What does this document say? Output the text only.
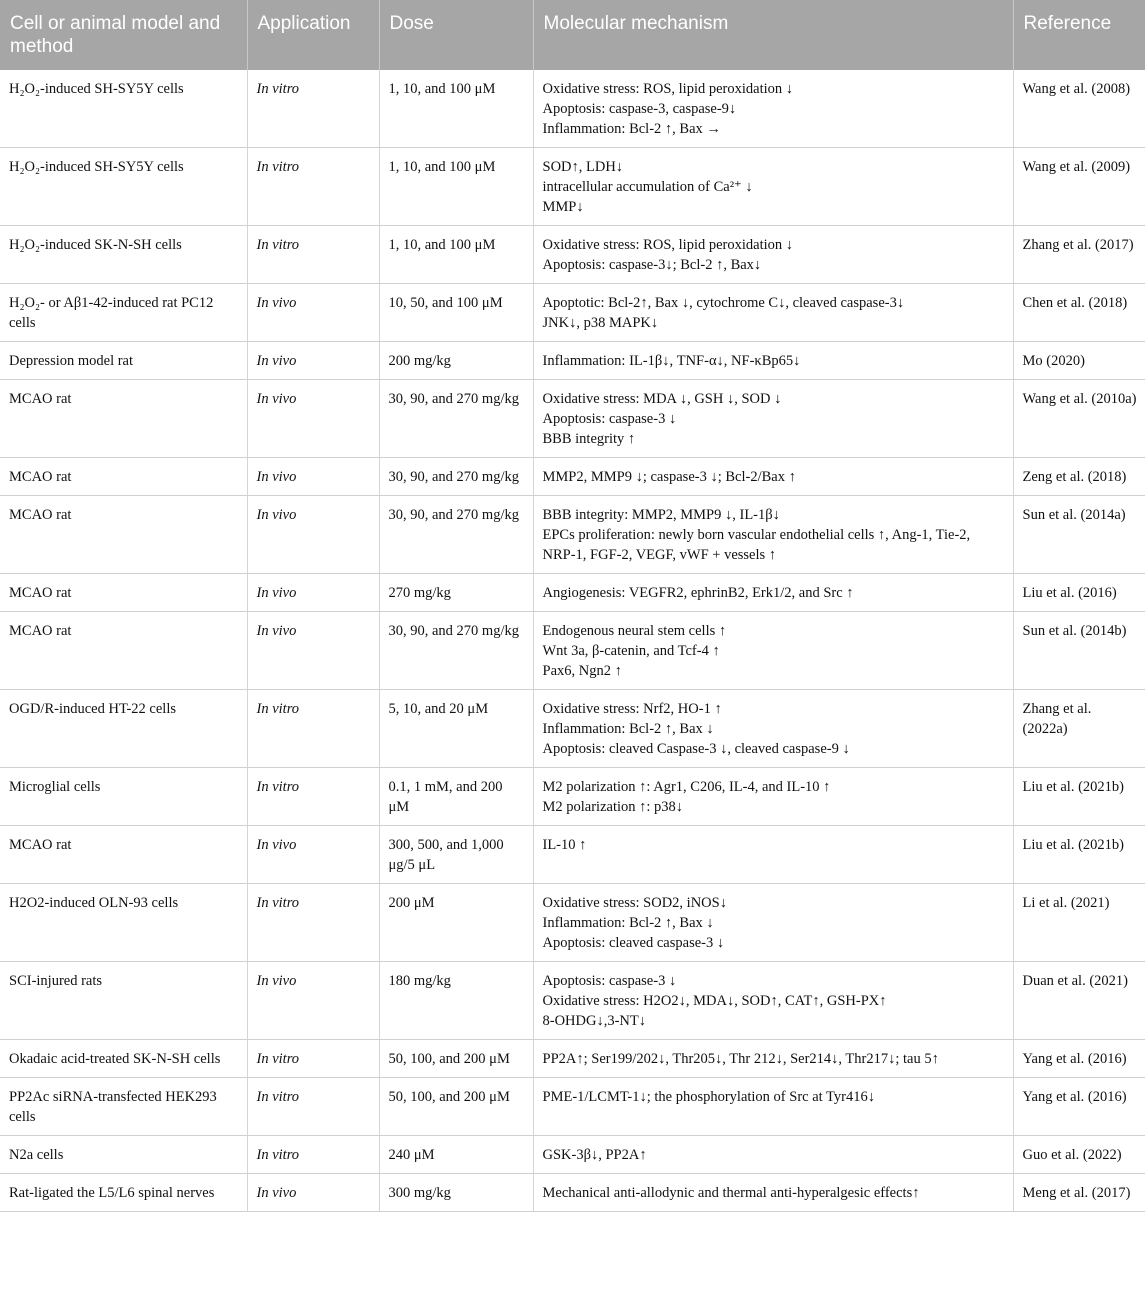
Cell or animal model and method	Application	Dose	Molecular mechanism	Reference
H₂O₂-induced SH-SY5Y cells	In vitro	1, 10, and 100 μM	Oxidative stress: ROS, lipid peroxidation ↓
Apoptosis: caspase-3, caspase-9↓
Inflammation: Bcl-2 ↑, Bax →	Wang et al. (2008)
H₂O₂-induced SH-SY5Y cells	In vitro	1, 10, and 100 μM	SOD↑, LDH↓
intracellular accumulation of Ca²⁺ ↓
MMP↓	Wang et al. (2009)
H₂O₂-induced SK-N-SH cells	In vitro	1, 10, and 100 μM	Oxidative stress: ROS, lipid peroxidation ↓
Apoptosis: caspase-3↓; Bcl-2 ↑, Bax↓	Zhang et al. (2017)
H₂O₂- or Aβ1-42-induced rat PC12 cells	In vivo	10, 50, and 100 μM	Apoptotic: Bcl-2↑, Bax ↓, cytochrome C↓, cleaved caspase-3↓
JNK↓, p38 MAPK↓	Chen et al. (2018)
Depression model rat	In vivo	200 mg/kg	Inflammation: IL-1β↓, TNF-α↓, NF-κBp65↓	Mo (2020)
MCAO rat	In vivo	30, 90, and 270 mg/kg	Oxidative stress: MDA ↓, GSH ↓, SOD ↓
Apoptosis: caspase-3 ↓
BBB integrity ↑	Wang et al. (2010a)
MCAO rat	In vivo	30, 90, and 270 mg/kg	MMP2, MMP9 ↓; caspase-3 ↓; Bcl-2/Bax ↑	Zeng et al. (2018)
MCAO rat	In vivo	30, 90, and 270 mg/kg	BBB integrity: MMP2, MMP9 ↓, IL-1β↓
EPCs proliferation: newly born vascular endothelial cells ↑, Ang-1, Tie-2, NRP-1, FGF-2, VEGF, vWF + vessels ↑	Sun et al. (2014a)
MCAO rat	In vivo	270 mg/kg	Angiogenesis: VEGFR2, ephrinB2, Erk1/2, and Src ↑	Liu et al. (2016)
MCAO rat	In vivo	30, 90, and 270 mg/kg	Endogenous neural stem cells ↑
Wnt 3a, β-catenin, and Tcf-4 ↑
Pax6, Ngn2 ↑	Sun et al. (2014b)
OGD/R-induced HT-22 cells	In vitro	5, 10, and 20 μM	Oxidative stress: Nrf2, HO-1 ↑
Inflammation: Bcl-2 ↑, Bax ↓
Apoptosis: cleaved Caspase-3 ↓, cleaved caspase-9 ↓	Zhang et al. (2022a)
Microglial cells	In vitro	0.1, 1 mM, and 200 μM	M2 polarization ↑: Agr1, C206, IL-4, and IL-10 ↑
M2 polarization ↑: p38↓	Liu et al. (2021b)
MCAO rat	In vivo	300, 500, and 1,000 μg/5 μL	IL-10 ↑	Liu et al. (2021b)
H2O2-induced OLN-93 cells	In vitro	200 μM	Oxidative stress: SOD2, iNOS↓
Inflammation: Bcl-2 ↑, Bax ↓
Apoptosis: cleaved caspase-3 ↓	Li et al. (2021)
SCI-injured rats	In vivo	180 mg/kg	Apoptosis: caspase-3 ↓
Oxidative stress: H2O2↓, MDA↓, SOD↑, CAT↑, GSH-PX↑
8-OHDG↓,3-NT↓	Duan et al. (2021)
Okadaic acid-treated SK-N-SH cells	In vitro	50, 100, and 200 μM	PP2A↑; Ser199/202↓, Thr205↓, Thr 212↓, Ser214↓, Thr217↓; tau 5↑	Yang et al. (2016)
PP2Ac siRNA-transfected HEK293 cells	In vitro	50, 100, and 200 μM	PME-1/LCMT-1↓; the phosphorylation of Src at Tyr416↓	Yang et al. (2016)
N2a cells	In vitro	240 μM	GSK-3β↓, PP2A↑	Guo et al. (2022)
Rat-ligated the L5/L6 spinal nerves	In vivo	300 mg/kg	Mechanical anti-allodynic and thermal anti-hyperalgesic effects↑	Meng et al. (2017)
